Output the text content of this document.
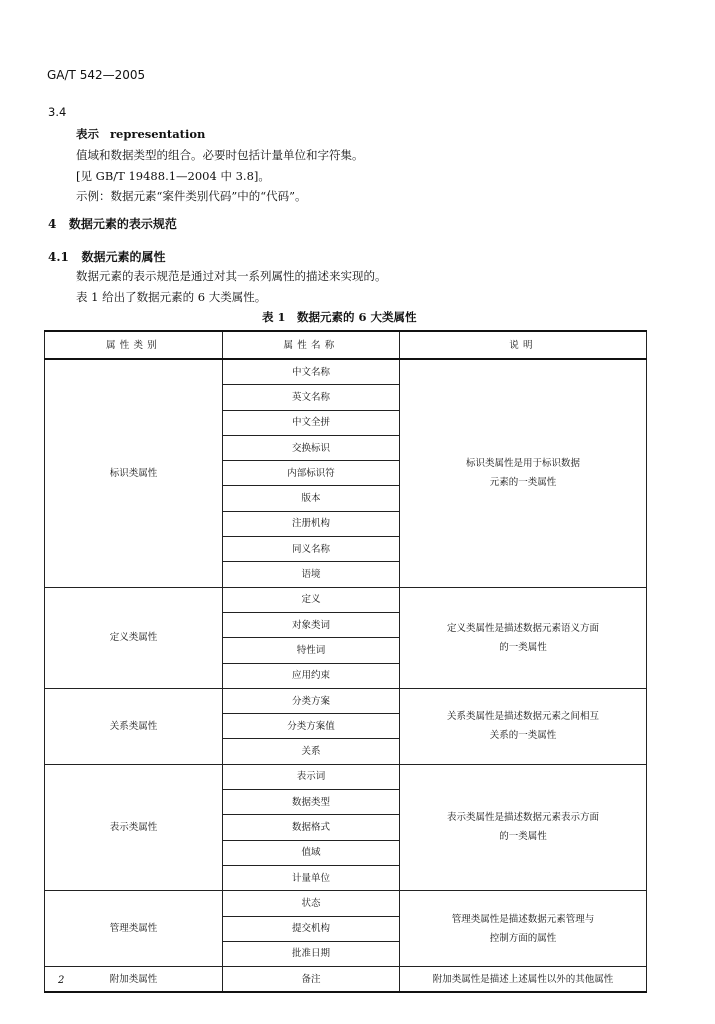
GA/T 542—2005
3.4
表示 representation
值域和数据类型的组合。必要时包括计量单位和字符集。
[见 GB/T 19488.1—2004 中 3.8]。
示例：数据元素“案件类别代码”中的“代码”。
4 数据元素的表示规范
4.1 数据元素的属性
数据元素的表示规范是通过对其一系列属性的描述来实现的。
表 1 给出了数据元素的 6 大类属性。
表 1　数据元素的 6 大类属性
属性类别	属性名称	说明
标识类属性	中文名称	标识类属性是用于标识数据
元素的一类属性

	英文名称	
	中文全拼	
	交换标识	
	内部标识符	
	版本	
	注册机构	
	同义名称	
	语境	
定义类属性	定义	定义类属性是描述数据元素语义方面
的一类属性

	对象类词	
	特性词	
	应用约束	
关系类属性	分类方案	关系类属性是描述数据元素之间相互
关系的一类属性

	分类方案值	
	关系	
表示类属性	表示词	表示类属性是描述数据元素表示方面
的一类属性

	数据类型	
	数据格式	
	值域	
	计量单位	
管理类属性	状态	管理类属性是描述数据元素管理与
控制方面的属性

	提交机构	
	批准日期	
附加类属性	备注	附加类属性是描述上述属性以外的其他属性
2
